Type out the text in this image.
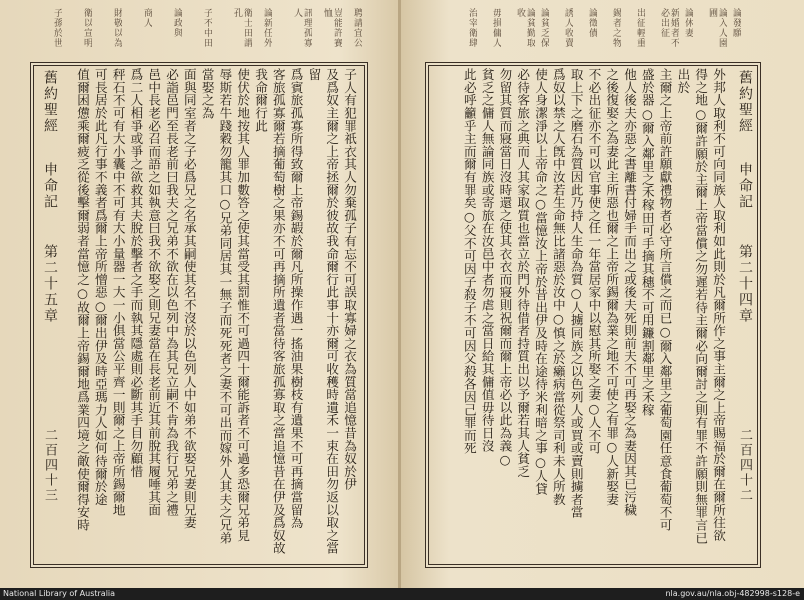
聘請宜公
豈能許賽恤
訊理孤寡人
論新任外
衛士田謂孔
子不中田
論政與
商人
財敬以為
衛以宣明
子孫於世
舊約聖經
申命記
第二十五章	子人有犯罪祇衣其人勿棄孤子有忘不可誤取寡婦之衣為質當追憶昔為奴於伊
及爲奴主爾之上帝拯爾於彼故我命爾行此事十亦爾可收穫時遺禾一束在田勿返以取之當留
爲賓旅孤寡所得致爾上帝錫嘏於爾凡所操作遇一搖油果樹枝有遺果不可再摘當留為
客旅孤寡爾若摘葡萄樹之果亦不可再摘所遺者當待客旅孤寡取之當追憶昔在伊及爲奴故
我命爾行此
使伏於地按其人罪加數答之使其當受其罰惟不可過四十爾能訴者不可過多恐爾兄弟見
辱斯若牛踐穀勿籠其口○兄弟同居其一無子而死死者之妻不可出而嫁外人其夫之兄弟當娶之為
面與同室者之子必爲兄之名承其嗣使其名不沒於以色列人中如弟不欲娶兄妻則兄妻
必詣邑門至長老前曰我夫之兄弟不欲在以色列中為其兄立嗣不肯為我行兄弟之禮
邑中長老必召而語之如執意曰我不欲娶之則兄妻當在長老前近其前脫其履唾其面
爲二人相爭或爭之欲救其夫脫於擊者之手而執其隱處則必斷其手目勿顧惜
秤石不可有大小囊中不可有大小量器一大一小俱當公平齊一則爾之上帝所錫爾地
可長居於此凡行事不義者爲爾上帝所憎惡○爾出伊及時亞瑪力人如何待爾於途
值爾困憊乘爾疲乏從後擊爾弱者當憶之○故爾上帝錫爾地爲業四境之敵使爾得安時
二百四十三
論發願
論入人園圃
論休妻
新婚者不必出征
出征輕重
錫者之物
論徵債
誘人收賣
論貧乏保
論貧勤取收
毋損傭人
治宰衛肆
外邦人取利不可向同族人取利如此則於凡爾所作之事主爾之上帝賜福於爾在爾所往欲
得之地○爾許願於主爾上帝當償之勿遲若待主爾必向爾討之則有罪不許願則無罪言已出於
主爾之上帝前許願獻禮物者必守所言償之而已○爾入鄰里之葡萄園任意食葡萄不可
盛於器○爾入鄰里之禾稼田可手摘其穗不可用鐮割鄰里之禾稼
他人後夫亦惡之書離書付婦手而出之或後夫死則前夫不可再娶之為妻因其已污穢
之後復娶之為妻此主所惡也爾之上帝所錫爾為業之地不可使之有罪○人新娶妻
不必出征亦不可以官事使之任一年當居家中以慰其所娶之妻○人不可
取上下之磨石為質因此乃持人生命為質○人擄同族之以色列人或買或賣則擄者當
爲奴以禁之人旣中汝若生命無比諸惡於汝中○慎之於癩病當從祭司利未人所教
使人身潔淨以上帝命之○當憶汝上帝於昔出伊及時在途待米利暗之事○人貸
必待客旅之典而人其家取質也當立於門外待借者持質出以予爾若其人貧乏
勿留其質而寢當日沒時還之使其衣衣而寢則祝爾而爾上帝必以此為義○
貧乏之傭人無論同族或寄旅在汝邑中者勿虐之當日給其傭值毋待日沒
此必呼籲乎主而爾有罪矣○父不可因子殺子不可因父殺各因己罪而死	舊約聖經
申命記
第二十四章
二百四十二
National Library of Australia	nla.gov.au/nla.obj-482998-s128-e
